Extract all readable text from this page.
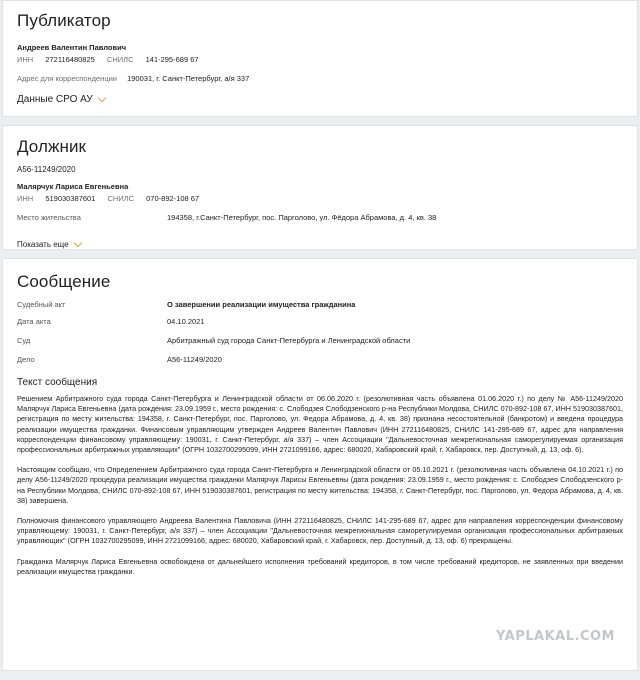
Публикатор
Андреев Валентин Павлович
ИНН 272116480825 СНИЛС 141-295-689 67
Адрес для корреспонденции 190031, г. Санкт-Петербург, а/я 337
Данные СРО АУ
Должник
А56-11249/2020
Малярчук Лариса Евгеньевна
ИНН 519030387601 СНИЛС 070-892-108 67
Место жительства	194358, г.Санкт-Петербург, пос. Парголово, ул. Фёдора Абрамова, д. 4, кв. 38
Показать еще
Сообщение
Судебный акт	О завершении реализации имущества гражданина
Дата акта	04.10.2021
Суд	Арбитражный суд города Санкт-Петербурга и Ленинградской области
Дело	А56-11249/2020
Текст сообщения

Решением Арбитражного суда города Санкт-Петербурга и Ленинградской области от 06.06.2020 г. (резолютивная часть объявлена 01.06.2020 г.) по делу № А56-11249/2020 Малярчук Лариса Евгеньевна (дата рождения: 23.09.1959 г., место рождения: с. Слободзея Слободзенского р-на Республики Молдова, СНИЛС 070-892-108 67, ИНН 519030387601, регистрация по месту жительства: 194358, г. Санкт-Петербург, пос. Парголово, ул. Федора Абрамова, д. 4, кв. 38) признана несостоятельной (банкротом) и введена процедура реализации имущества гражданки. Финансовым управляющим утвержден Андреев Валентин Павлович (ИНН 272116480825, СНИЛС 141-295-689 67, адрес для направления корреспонденции финансовому управляющему: 190031, г. Санкт-Петербург, а/я 337) – член Ассоциации "Дальневосточная межрегиональная саморегулируемая организация профессиональных арбитражных управляющих" (ОГРН 1032700295099, ИНН 2721099166, адрес: 680020, Хабаровский край, г. Хабаровск, пер. Доступный, д. 13, оф. 6).

Настоящим сообщаю, что Определением Арбитражного суда города Санкт-Петербурга и Ленинградской области от 05.10.2021 г. (резолютивная часть объявлена 04.10.2021 г.) по делу А56-11249/2020 процедура реализации имущества гражданки Малярчук Ларисы Евгеньевны (дата рождения: 23.09.1959 г., место рождения: с. Слободзея Слободзенского р-на Республики Молдова, СНИЛС 070-892-108 67, ИНН 519030387601, регистрация по месту жительства: 194358, г. Санкт-Петербург, пос. Парголово, ул. Федора Абрамова, д. 4, кв. 38) завершена.

Полномочия финансового управляющего Андреева Валентина Павловича (ИНН 272116480825, СНИЛС 141-295-689 67, адрес для направления корреспонденции финансовому управляющему: 190031, г. Санкт-Петербург, а/я 337) – член Ассоциации "Дальневосточная межрегиональная саморегулируемая организация профессиональных арбитражных управляющих" (ОГРН 1032700295099, ИНН 2721099166, адрес: 680020, Хабаровский край, г. Хабаровск, пер. Доступный, д. 13, оф. 6) прекращены.

Гражданка Малярчук Лариса Евгеньевна освобождена от дальнейшего исполнения требований кредиторов, в том числе требований кредиторов, не заявленных при введении реализации имущества гражданки.

YAPLAKAL.COM
